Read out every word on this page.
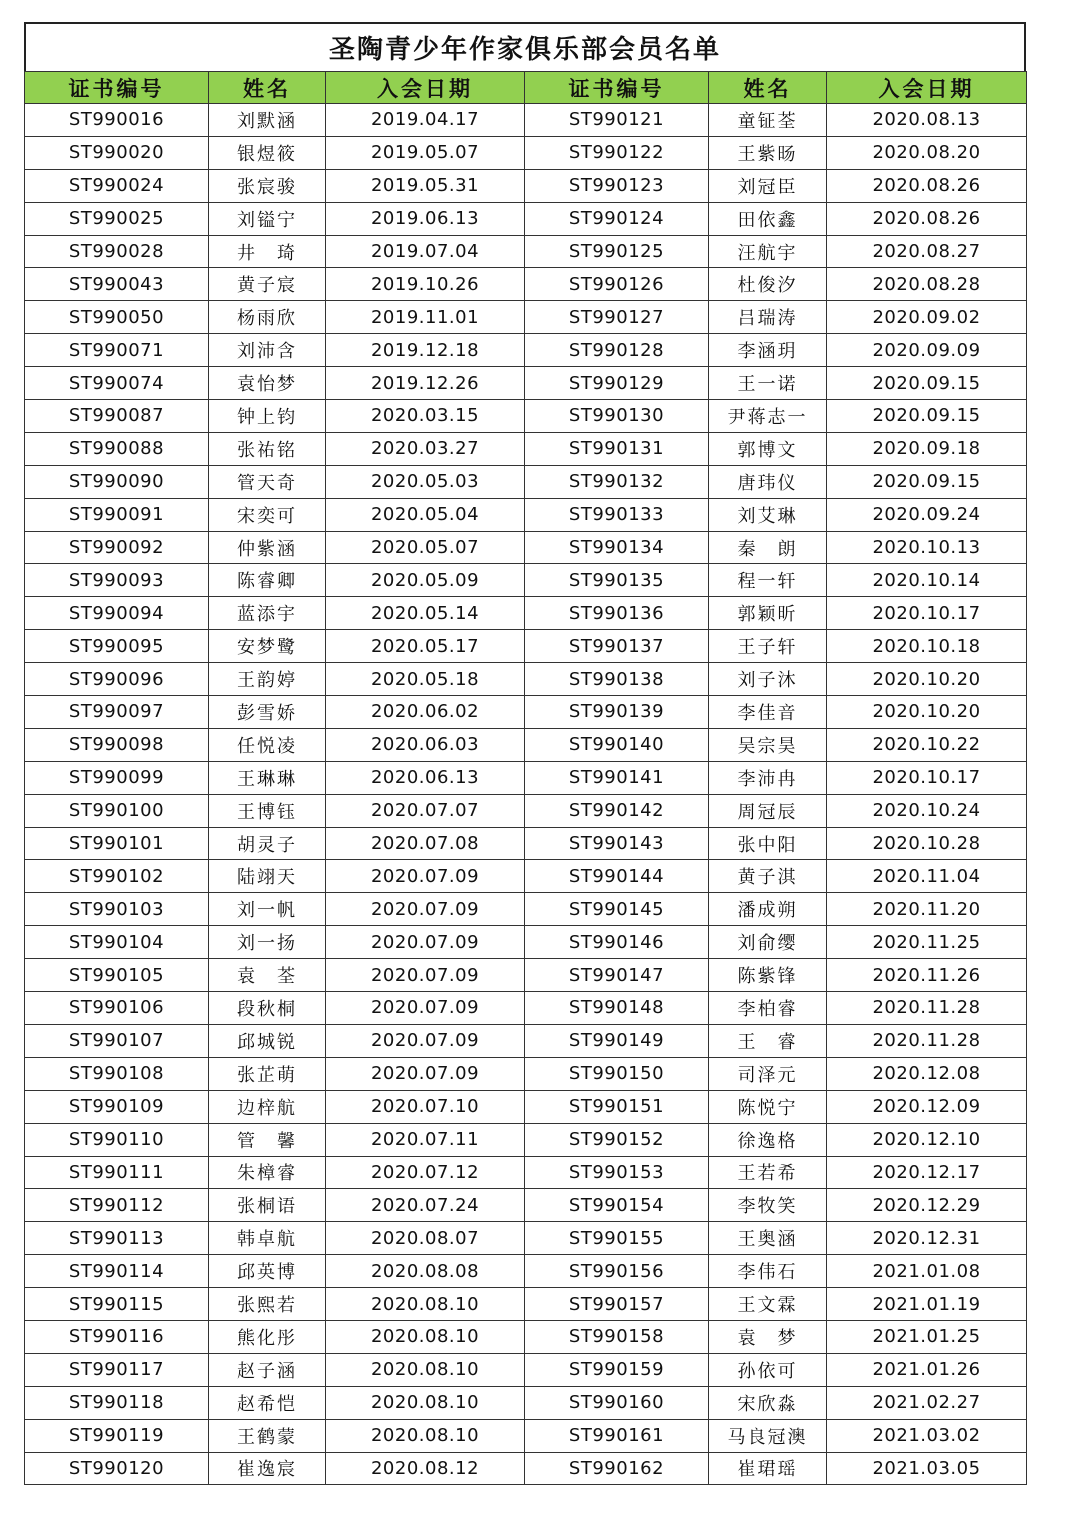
圣陶青少年作家俱乐部会员名单
证书编号	姓名	入会日期	证书编号	姓名	入会日期
ST990016	刘默涵	2019.04.17	ST990121	童钲荃	2020.08.13
ST990020	银煜筱	2019.05.07	ST990122	王紫旸	2020.08.20
ST990024	张宸骏	2019.05.31	ST990123	刘冠臣	2020.08.26
ST990025	刘镒宁	2019.06.13	ST990124	田依鑫	2020.08.26
ST990028	井　琦	2019.07.04	ST990125	汪航宇	2020.08.27
ST990043	黄子宸	2019.10.26	ST990126	杜俊汐	2020.08.28
ST990050	杨雨欣	2019.11.01	ST990127	吕瑞涛	2020.09.02
ST990071	刘沛含	2019.12.18	ST990128	李涵玥	2020.09.09
ST990074	袁怡梦	2019.12.26	ST990129	王一诺	2020.09.15
ST990087	钟上钧	2020.03.15	ST990130	尹蒋志一	2020.09.15
ST990088	张祐铭	2020.03.27	ST990131	郭博文	2020.09.18
ST990090	管天奇	2020.05.03	ST990132	唐玮仪	2020.09.15
ST990091	宋奕可	2020.05.04	ST990133	刘艾琳	2020.09.24
ST990092	仲紫涵	2020.05.07	ST990134	秦　朗	2020.10.13
ST990093	陈睿卿	2020.05.09	ST990135	程一轩	2020.10.14
ST990094	蓝添宇	2020.05.14	ST990136	郭颖昕	2020.10.17
ST990095	安梦鹭	2020.05.17	ST990137	王子轩	2020.10.18
ST990096	王韵婷	2020.05.18	ST990138	刘子沐	2020.10.20
ST990097	彭雪娇	2020.06.02	ST990139	李佳音	2020.10.20
ST990098	任悦凌	2020.06.03	ST990140	吴宗昊	2020.10.22
ST990099	王琳琳	2020.06.13	ST990141	李沛冉	2020.10.17
ST990100	王博钰	2020.07.07	ST990142	周冠辰	2020.10.24
ST990101	胡灵子	2020.07.08	ST990143	张中阳	2020.10.28
ST990102	陆翊天	2020.07.09	ST990144	黄子淇	2020.11.04
ST990103	刘一帆	2020.07.09	ST990145	潘成朔	2020.11.20
ST990104	刘一扬	2020.07.09	ST990146	刘俞缨	2020.11.25
ST990105	袁　荃	2020.07.09	ST990147	陈紫锋	2020.11.26
ST990106	段秋桐	2020.07.09	ST990148	李柏睿	2020.11.28
ST990107	邱城锐	2020.07.09	ST990149	王　睿	2020.11.28
ST990108	张芷萌	2020.07.09	ST990150	司泽元	2020.12.08
ST990109	边梓航	2020.07.10	ST990151	陈悦宁	2020.12.09
ST990110	管　馨	2020.07.11	ST990152	徐逸格	2020.12.10
ST990111	朱樟睿	2020.07.12	ST990153	王若希	2020.12.17
ST990112	张桐语	2020.07.24	ST990154	李牧笑	2020.12.29
ST990113	韩卓航	2020.08.07	ST990155	王奥涵	2020.12.31
ST990114	邱英博	2020.08.08	ST990156	李伟石	2021.01.08
ST990115	张熙若	2020.08.10	ST990157	王文霖	2021.01.19
ST990116	熊化彤	2020.08.10	ST990158	袁　梦	2021.01.25
ST990117	赵子涵	2020.08.10	ST990159	孙依可	2021.01.26
ST990118	赵希恺	2020.08.10	ST990160	宋欣淼	2021.02.27
ST990119	王鹤蒙	2020.08.10	ST990161	马良冠澳	2021.03.02
ST990120	崔逸宸	2020.08.12	ST990162	崔珺瑶	2021.03.05
